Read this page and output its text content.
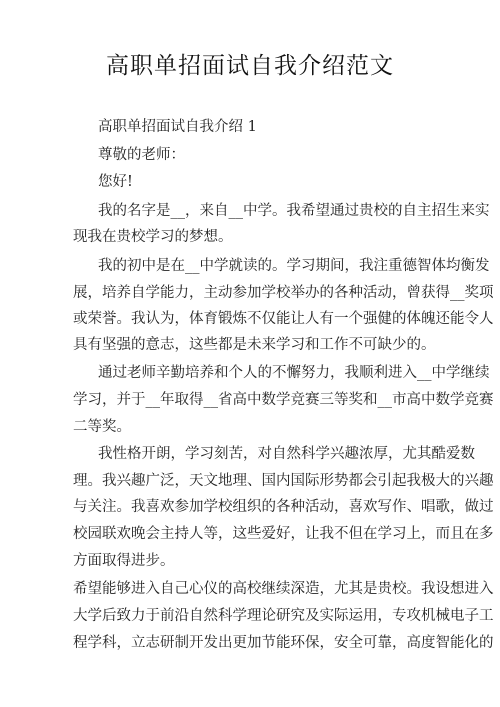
高职单招面试自我介绍范文
高职单招面试自我介绍 1
尊敬的老师：
您好!
我的名字是__，来自__中学。我希望通过贵校的自主招生来实
现我在贵校学习的梦想。
我的初中是在__中学就读的。学习期间，我注重德智体均衡发
展，培养自学能力，主动参加学校举办的各种活动，曾获得__奖项
或荣誉。我认为，体育锻炼不仅能让人有一个强健的体魄还能令人
具有坚强的意志，这些都是未来学习和工作不可缺少的。
通过老师辛勤培养和个人的不懈努力，我顺利进入__中学继续
学习，并于__年取得__省高中数学竞赛三等奖和__市高中数学竞赛
二等奖。
我性格开朗，学习刻苦，对自然科学兴趣浓厚，尤其酷爱数
理。我兴趣广泛，天文地理、国内国际形势都会引起我极大的兴趣
与关注。我喜欢参加学校组织的各种活动，喜欢写作、唱歌，做过
校园联欢晚会主持人等，这些爱好，让我不但在学习上，而且在多
方面取得进步。
希望能够进入自己心仪的高校继续深造，尤其是贵校。我设想进入
大学后致力于前沿自然科学理论研究及实际运用，专攻机械电子工
程学科，立志研制开发出更加节能环保，安全可靠，高度智能化的
